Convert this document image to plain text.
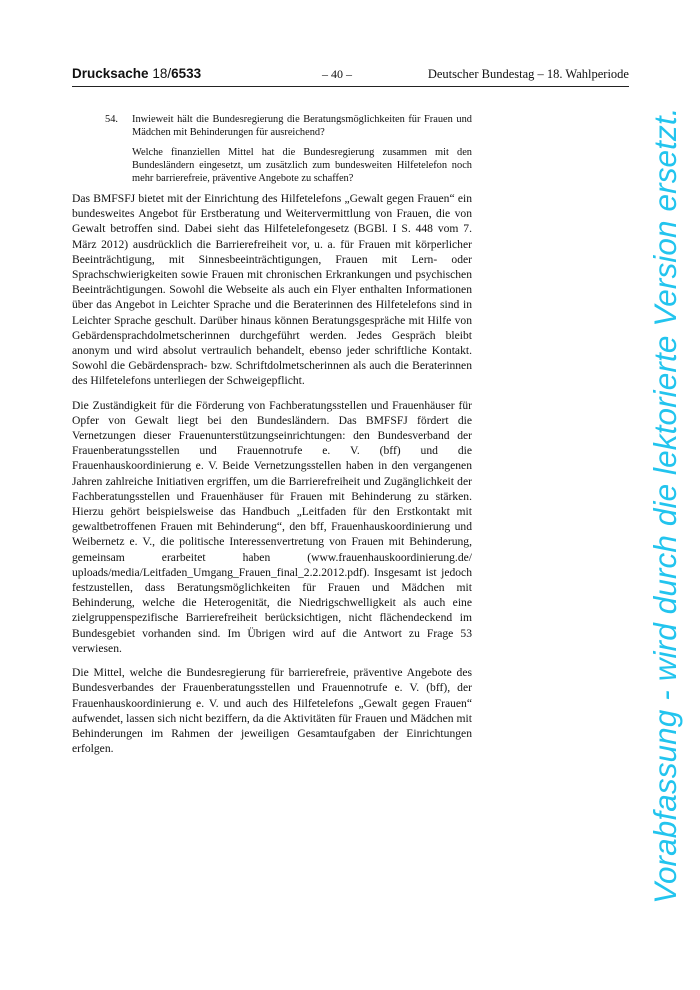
Drucksache 18/6533	– 40 –	Deutscher Bundestag – 18. Wahlperiode
54.	Inwieweit hält die Bundesregierung die Beratungsmöglichkeiten für Frauen und Mädchen mit Behinderungen für ausreichend?
Welche finanziellen Mittel hat die Bundesregierung zusammen mit den Bundesländern eingesetzt, um zusätzlich zum bundesweiten Hilfetelefon noch mehr barrierefreie, präventive Angebote zu schaffen?

Das BMFSFJ bietet mit der Einrichtung des Hilfetelefons „Gewalt gegen Frauen“ ein bundesweites Angebot für Erstberatung und Weitervermittlung von Frauen, die von Gewalt betroffen sind. Dabei sieht das Hilfetelefongesetz (BGBl. I S. 448 vom 7. März 2012) ausdrücklich die Barrierefreiheit vor, u. a. für Frauen mit körperlicher Beeinträchtigung, mit Sinnesbeeinträchtigungen, Frauen mit Lern- oder Sprachschwierigkeiten sowie Frauen mit chronischen Erkrankungen und psychischen Beeinträchtigungen. Sowohl die Webseite als auch ein Flyer enthalten Informationen über das Angebot in Leichter Sprache und die Beraterinnen des Hilfetelefons sind in Leichter Sprache geschult. Darüber hinaus können Beratungsgespräche mit Hilfe von Gebärdensprachdolmetscherinnen durchgeführt werden. Jedes Gespräch bleibt anonym und wird absolut vertraulich behandelt, ebenso jeder schriftliche Kontakt. Sowohl die Gebärdensprach- bzw. Schriftdolmetscherinnen als auch die Beraterinnen des Hilfetelefons unterliegen der Schweigepflicht.

Die Zuständigkeit für die Förderung von Fachberatungsstellen und Frauenhäuser für Opfer von Gewalt liegt bei den Bundesländern. Das BMFSFJ fördert die Vernetzungen dieser Frauenunterstützungseinrichtungen: den Bundesverband der Frauenberatungsstellen und Frauennotrufe e. V. (bff) und die Frauenhauskoordinierung e. V. Beide Vernetzungsstellen haben in den vergangenen Jahren zahlreiche Initiativen ergriffen, um die Barrierefreiheit und Zugänglichkeit der Fachberatungsstellen und Frauenhäuser für Frauen mit Behinderung zu stärken. Hierzu gehört beispielsweise das Handbuch „Leitfaden für den Erstkontakt mit gewaltbetroffenen Frauen mit Behinderung“, den bff, Frauenhauskoordinierung und Weibernetz e. V., die politische Interessenvertretung von Frauen mit Behinderung, gemeinsam erarbeitet haben (www.frauenhauskoordinierung.de/ uploads/media/Leitfaden_Umgang_Frauen_final_2.2.2012.pdf). Insgesamt ist jedoch festzustellen, dass Beratungsmöglichkeiten für Frauen und Mädchen mit Behinderung, welche die Heterogenität, die Niedrigschwelligkeit als auch eine zielgruppenspezifische Barrierefreiheit berücksichtigen, nicht flächendeckend im Bundesgebiet vorhanden sind. Im Übrigen wird auf die Antwort zu Frage 53 verwiesen.

Die Mittel, welche die Bundesregierung für barrierefreie, präventive Angebote des Bundesverbandes der Frauenberatungsstellen und Frauennotrufe e. V. (bff), der Frauenhauskoordinierung e. V. und auch des Hilfetelefons „Gewalt gegen Frauen“ aufwendet, lassen sich nicht beziffern, da die Aktivitäten für Frauen und Mädchen mit Behinderungen im Rahmen der jeweiligen Gesamtaufgaben der Einrichtungen erfolgen.	Vorabfassung - wird durch die lektorierte Version ersetzt.
